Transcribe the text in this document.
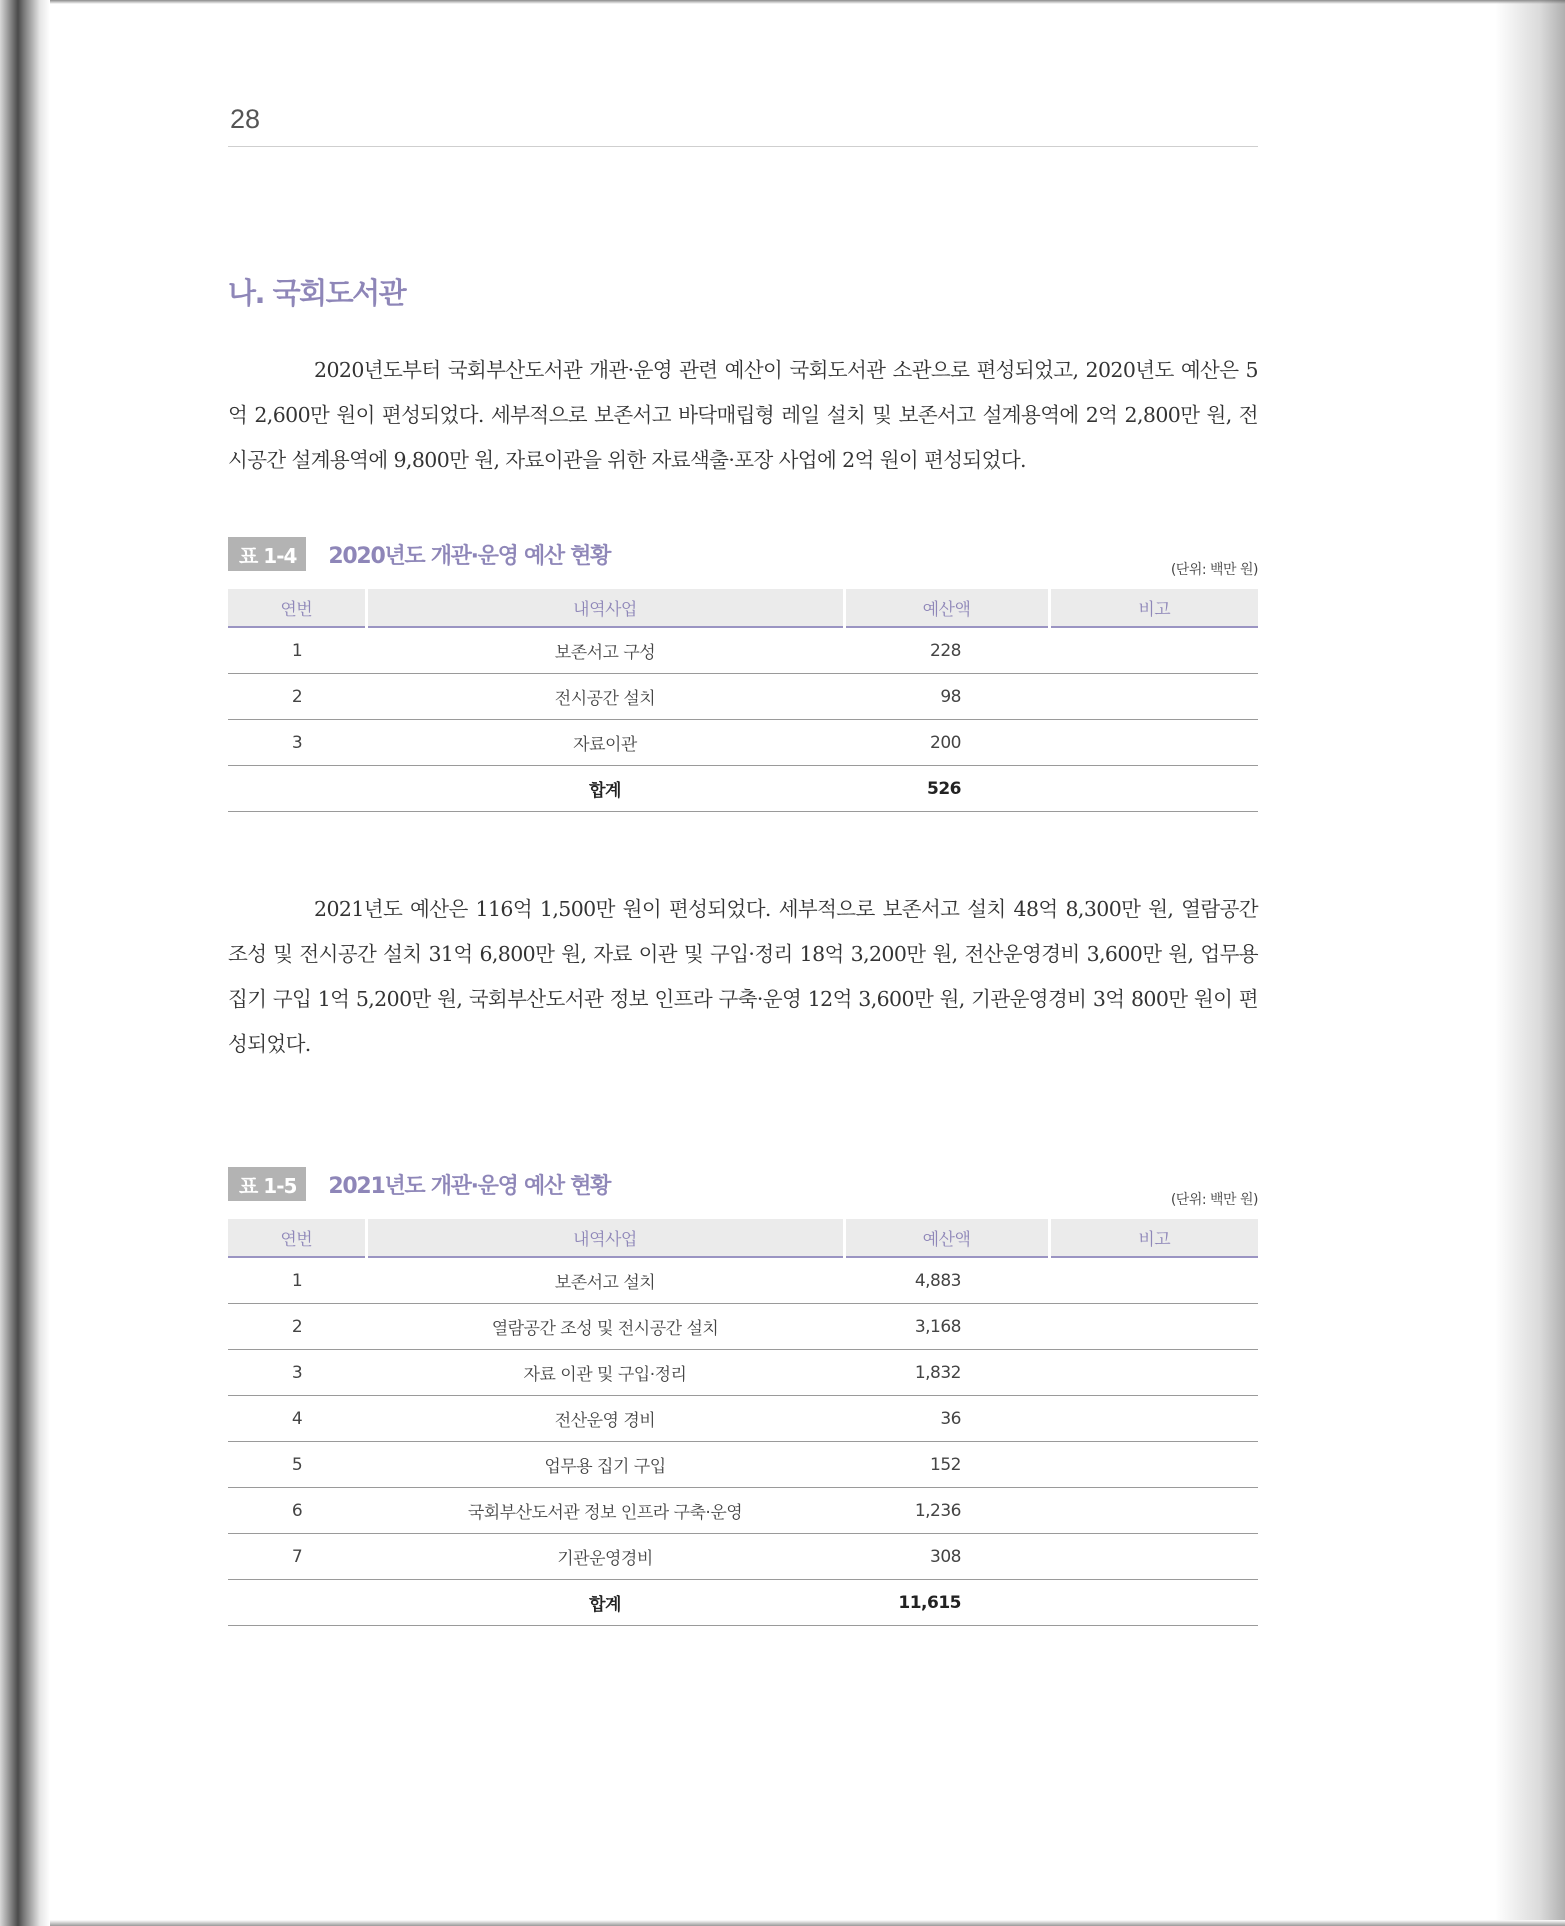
28
나. 국회도서관

2020년도부터 국회부산도서관 개관·운영 관련 예산이 국회도서관 소관으로 편성되었고, 2020년도 예산은 5억 2,600만 원이 편성되었다. 세부적으로 보존서고 바닥매립형 레일 설치 및 보존서고 설계용역에 2억 2,800만 원, 전시공간 설계용역에 9,800만 원, 자료이관을 위한 자료색출·포장 사업에 2억 원이 편성되었다.

표 1-4 2020년도 개관·운영 예산 현황
(단위: 백만 원)
연번	내역사업	예산액	비고
1	보존서고 구성	228	
2	전시공간 설치	98	
3	자료이관	200	
	합계	526	

2021년도 예산은 116억 1,500만 원이 편성되었다. 세부적으로 보존서고 설치 48억 8,300만 원, 열람공간 조성 및 전시공간 설치 31억 6,800만 원, 자료 이관 및 구입·정리 18억 3,200만 원, 전산운영경비 3,600만 원, 업무용 집기 구입 1억 5,200만 원, 국회부산도서관 정보 인프라 구축·운영 12억 3,600만 원, 기관운영경비 3억 800만 원이 편성되었다.

표 1-5 2021년도 개관·운영 예산 현황
(단위: 백만 원)
연번	내역사업	예산액	비고
1	보존서고 설치	4,883	
2	열람공간 조성 및 전시공간 설치	3,168	
3	자료 이관 및 구입·정리	1,832	
4	전산운영 경비	36	
5	업무용 집기 구입	152	
6	국회부산도서관 정보 인프라 구축·운영	1,236	
7	기관운영경비	308	
	합계	11,615	
